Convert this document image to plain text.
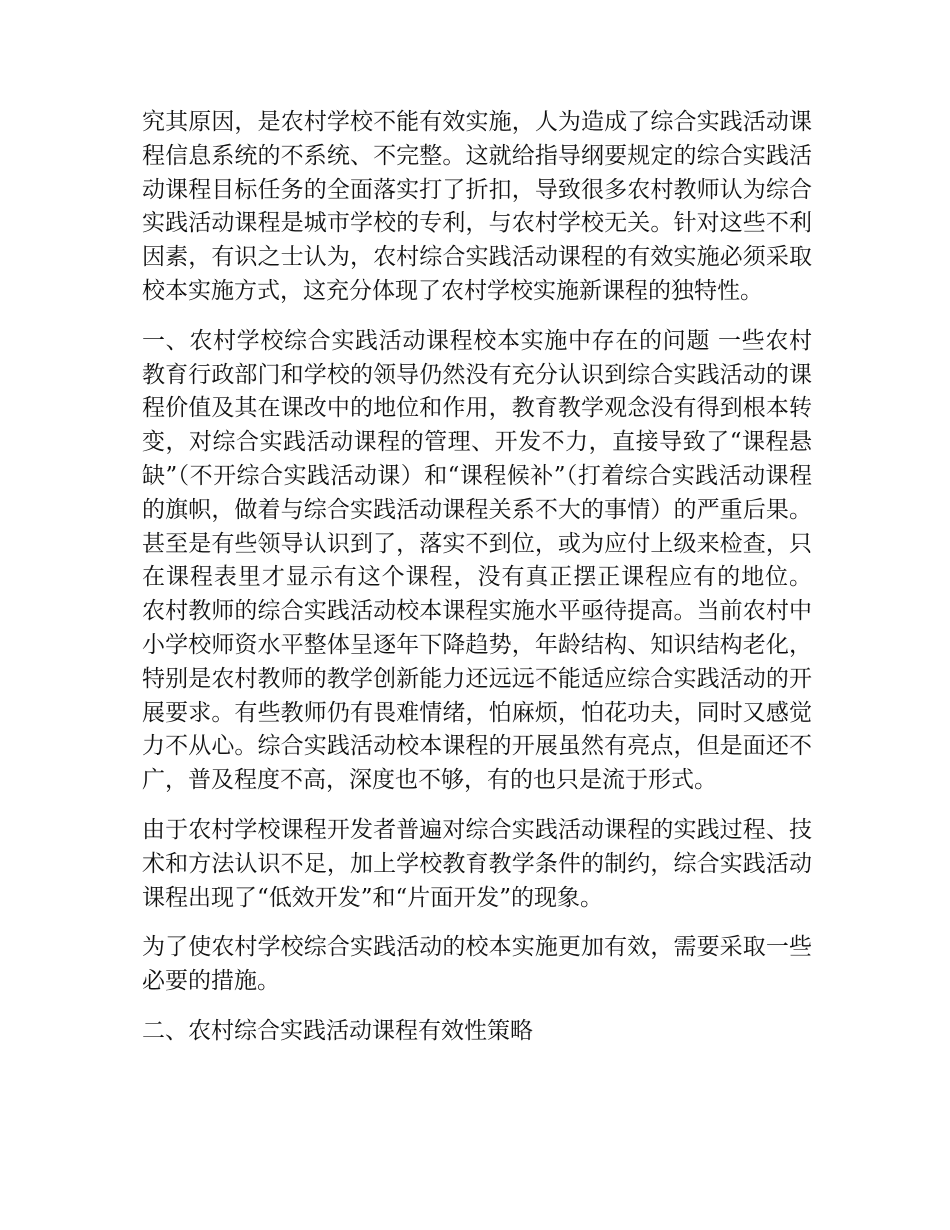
究其原因，是农村学校不能有效实施，人为造成了综合实践活动课程信息系统的不系统、不完整。这就给指导纲要规定的综合实践活动课程目标任务的全面落实打了折扣，导致很多农村教师认为综合实践活动课程是城市学校的专利，与农村学校无关。针对这些不利因素，有识之士认为，农村综合实践活动课程的有效实施必须采取校本实施方式，这充分体现了农村学校实施新课程的独特性。

一、农村学校综合实践活动课程校本实施中存在的问题 一些农村教育行政部门和学校的领导仍然没有充分认识到综合实践活动的课程价值及其在课改中的地位和作用，教育教学观念没有得到根本转变，对综合实践活动课程的管理、开发不力，直接导致了“课程悬缺”（不开综合实践活动课）和“课程候补”（打着综合实践活动课程的旗帜，做着与综合实践活动课程关系不大的事情）的严重后果。甚至是有些领导认识到了，落实不到位，或为应付上级来检查，只在课程表里才显示有这个课程，没有真正摆正课程应有的地位。 农村教师的综合实践活动校本课程实施水平亟待提高。当前农村中小学校师资水平整体呈逐年下降趋势，年龄结构、知识结构老化，特别是农村教师的教学创新能力还远远不能适应综合实践活动的开展要求。有些教师仍有畏难情绪，怕麻烦，怕花功夫，同时又感觉力不从心。综合实践活动校本课程的开展虽然有亮点，但是面还不广，普及程度不高，深度也不够，有的也只是流于形式。

由于农村学校课程开发者普遍对综合实践活动课程的实践过程、技术和方法认识不足，加上学校教育教学条件的制约，综合实践活动课程出现了“低效开发”和“片面开发”的现象。

为了使农村学校综合实践活动的校本实施更加有效，需要采取一些必要的措施。

二、农村综合实践活动课程有效性策略
